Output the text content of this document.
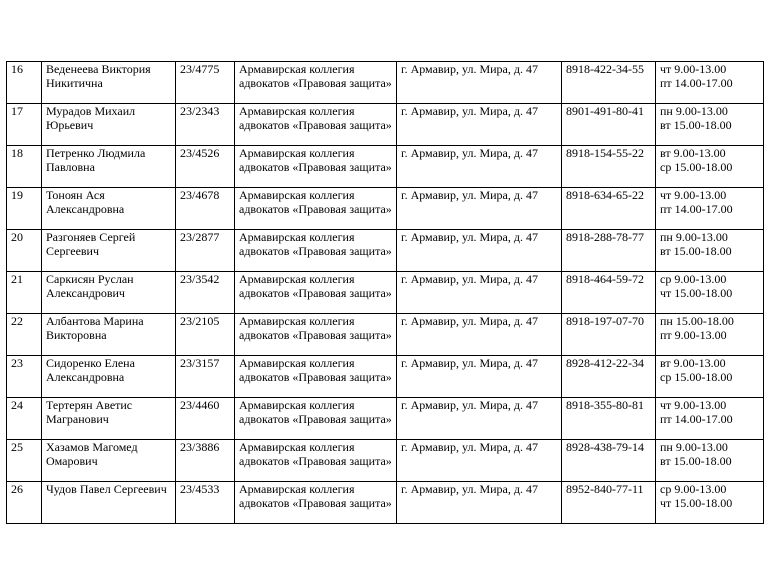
16	Веденеева Виктория Никитична	23/4775	Армавирская коллегия адвокатов «Правовая защита»	г. Армавир, ул. Мира, д. 47	8918-422-34-55	чт 9.00-13.00
пт 14.00-17.00

17	Мурадов Михаил Юрьевич	23/2343	Армавирская коллегия адвокатов «Правовая защита»	г. Армавир, ул. Мира, д. 47	8901-491-80-41	пн 9.00-13.00
вт 15.00-18.00

18	Петренко Людмила Павловна	23/4526	Армавирская коллегия адвокатов «Правовая защита»	г. Армавир, ул. Мира, д. 47	8918-154-55-22	вт 9.00-13.00
ср 15.00-18.00

19	Тоноян Ася Александровна	23/4678	Армавирская коллегия адвокатов «Правовая защита»	г. Армавир, ул. Мира, д. 47	8918-634-65-22	чт 9.00-13.00
пт 14.00-17.00

20	Разгоняев Сергей Сергеевич	23/2877	Армавирская коллегия адвокатов «Правовая защита»	г. Армавир, ул. Мира, д. 47	8918-288-78-77	пн 9.00-13.00
вт 15.00-18.00

21	Саркисян Руслан Александрович	23/3542	Армавирская коллегия адвокатов «Правовая защита»	г. Армавир, ул. Мира, д. 47	8918-464-59-72	ср 9.00-13.00
чт 15.00-18.00

22	Албантова Марина Викторовна	23/2105	Армавирская коллегия адвокатов «Правовая защита»	г. Армавир, ул. Мира, д. 47	8918-197-07-70	пн 15.00-18.00
пт 9.00-13.00

23	Сидоренко Елена Александровна	23/3157	Армавирская коллегия адвокатов «Правовая защита»	г. Армавир, ул. Мира, д. 47	8928-412-22-34	вт 9.00-13.00
ср 15.00-18.00

24	Тертерян Аветис Магранович	23/4460	Армавирская коллегия адвокатов «Правовая защита»	г. Армавир, ул. Мира, д. 47	8918-355-80-81	чт 9.00-13.00
пт 14.00-17.00

25	Хазамов Магомед Омарович	23/3886	Армавирская коллегия адвокатов «Правовая защита»	г. Армавир, ул. Мира, д. 47	8928-438-79-14	пн 9.00-13.00
вт 15.00-18.00

26	Чудов Павел Сергеевич	23/4533	Армавирская коллегия адвокатов «Правовая защита»	г. Армавир, ул. Мира, д. 47	8952-840-77-11	ср 9.00-13.00
чт 15.00-18.00
